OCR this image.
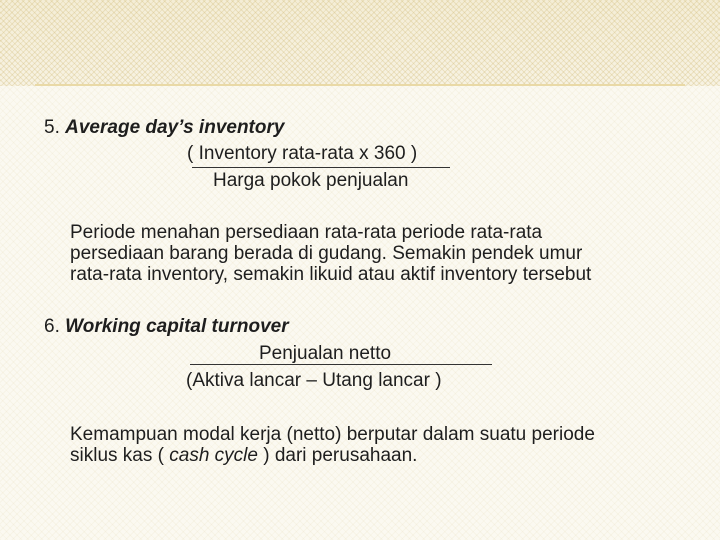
5. Average day’s inventory
( Inventory rata-rata x 360 )
Harga pokok penjualan
Periode menahan persediaan rata-rata periode rata-rata
persediaan barang berada di gudang. Semakin pendek umur
rata-rata inventory, semakin likuid atau aktif inventory tersebut
6. Working capital turnover
Penjualan netto
(Aktiva lancar – Utang lancar )
Kemampuan modal kerja (netto) berputar dalam suatu periode
siklus kas ( cash cycle ) dari perusahaan.
